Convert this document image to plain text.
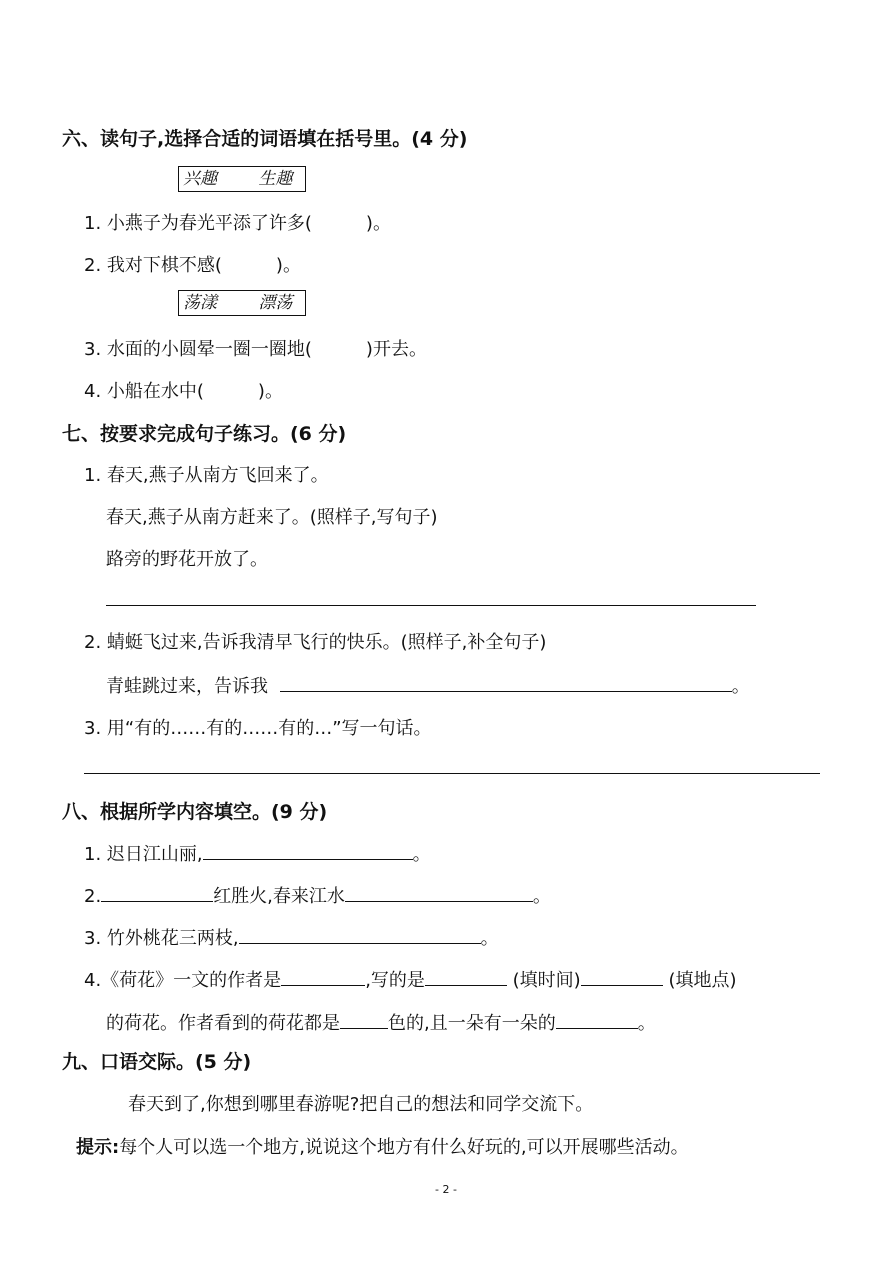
六、读句子,选择合适的词语填在括号里。(4 分)
兴趣 生趣
1. 小燕子为春光平添了许多(　　　)。
2. 我对下棋不感(　　　)。
荡漾 漂荡
3. 水面的小圆晕一圈一圈地(　　　)开去。
4. 小船在水中(　　　)。
七、按要求完成句子练习。(6 分)
1. 春天,燕子从南方飞回来了。
春天,燕子从南方赶来了。(照样子,写句子)
路旁的野花开放了。
2. 蜻蜓飞过来,告诉我清早飞行的快乐。(照样子,补全句子)
青蛙跳过来，告诉我	。
3. 用“有的……有的……有的…”写一句话。
八、根据所学内容填空。(9 分)
1. 迟日江山丽,	。
2.	红胜火,春来江水	。
3. 竹外桃花三两枝,	。
4.《荷花》一文的作者是	,写的是	(填时间)	(填地点)
的荷花。作者看到的荷花都是	色的,且一朵有一朵的	。
九、口语交际。(5 分)
春天到了,你想到哪里春游呢?把自己的想法和同学交流下。
提示:每个人可以选一个地方,说说这个地方有什么好玩的,可以开展哪些活动。
- 2 -
